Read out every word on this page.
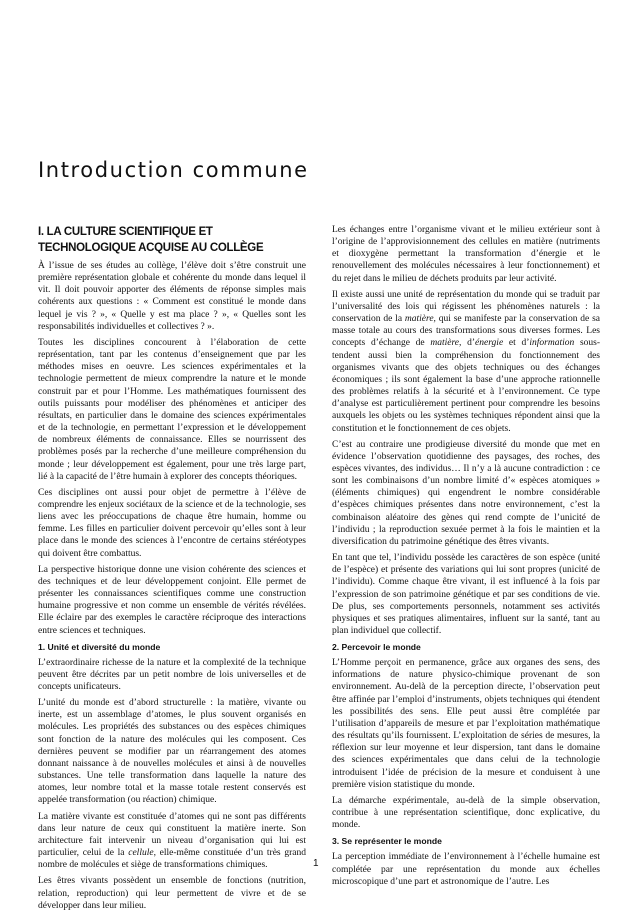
Introduction commune
I. LA CULTURE SCIENTIFIQUE ET TECHNOLOGIQUE ACQUISE AU COLLÈGE

À l’issue de ses études au collège, l’élève doit s’être construit une première représentation globale et cohérente du monde dans lequel il vit. Il doit pouvoir apporter des éléments de réponse simples mais cohérents aux questions : « Comment est constitué le monde dans lequel je vis ? », « Quelle y est ma place ? », « Quelles sont les responsabilités individuelles et collectives ? ».

Toutes les disciplines concourent à l’élaboration de cette représentation, tant par les contenus d’enseignement que par les méthodes mises en oeuvre. Les sciences expérimentales et la technologie permettent de mieux comprendre la nature et le monde construit par et pour l’Homme. Les mathématiques fournissent des outils puissants pour modéliser des phénomènes et anticiper des résultats, en particulier dans le domaine des sciences expérimentales et de la technologie, en permettant l’expression et le développement de nombreux éléments de connaissance. Elles se nourrissent des problèmes posés par la recherche d’une meilleure compréhension du monde ; leur développement est également, pour une très large part, lié à la capacité de l’être humain à explorer des concepts théoriques.

Ces disciplines ont aussi pour objet de permettre à l’élève de comprendre les enjeux sociétaux de la science et de la technologie, ses liens avec les préoccupations de chaque être humain, homme ou femme. Les filles en particulier doivent percevoir qu’elles sont à leur place dans le monde des sciences à l’encontre de certains stéréotypes qui doivent être combattus.

La perspective historique donne une vision cohérente des sciences et des techniques et de leur développement conjoint. Elle permet de présenter les connaissances scientifiques comme une construction humaine progressive et non comme un ensemble de vérités révélées. Elle éclaire par des exemples le caractère réciproque des interactions entre sciences et techniques.

1. Unité et diversité du monde

L’extraordinaire richesse de la nature et la complexité de la technique peuvent être décrites par un petit nombre de lois universelles et de concepts unificateurs.

L’unité du monde est d’abord structurelle : la matière, vivante ou inerte, est un assemblage d’atomes, le plus souvent organisés en molécules. Les propriétés des substances ou des espèces chimiques sont fonction de la nature des molécules qui les composent. Ces dernières peuvent se modifier par un réarrangement des atomes donnant naissance à de nouvelles molécules et ainsi à de nouvelles substances. Une telle transformation dans laquelle la nature des atomes, leur nombre total et la masse totale restent conservés est appelée transformation (ou réaction) chimique.

La matière vivante est constituée d’atomes qui ne sont pas différents dans leur nature de ceux qui constituent la matière inerte. Son architecture fait intervenir un niveau d’organisation qui lui est particulier, celui de la cellule, elle-même constituée d’un très grand nombre de molécules et siège de transformations chimiques.

Les êtres vivants possèdent un ensemble de fonctions (nutrition, relation, reproduction) qui leur permettent de vivre et de se développer dans leur milieu.

Les échanges entre l’organisme vivant et le milieu extérieur sont à l’origine de l’approvisionnement des cellules en matière (nutriments et dioxygène permettant la transformation d’énergie et le renouvellement des molécules nécessaires à leur fonctionnement) et du rejet dans le milieu de déchets produits par leur activité.

Il existe aussi une unité de représentation du monde qui se traduit par l’universalité des lois qui régissent les phénomènes naturels : la conservation de la matière, qui se manifeste par la conservation de sa masse totale au cours des transformations sous diverses formes. Les concepts d’échange de matière, d’énergie et d’information sous-tendent aussi bien la compréhension du fonctionnement des organismes vivants que des objets techniques ou des échanges économiques ; ils sont également la base d’une approche rationnelle des problèmes relatifs à la sécurité et à l’environnement. Ce type d’analyse est particulièrement pertinent pour comprendre les besoins auxquels les objets ou les systèmes techniques répondent ainsi que la constitution et le fonctionnement de ces objets.

C’est au contraire une prodigieuse diversité du monde que met en évidence l’observation quotidienne des paysages, des roches, des espèces vivantes, des individus… Il n’y a là aucune contradiction : ce sont les combinaisons d’un nombre limité d’« espèces atomiques » (éléments chimiques) qui engendrent le nombre considérable d’espèces chimiques présentes dans notre environnement, c’est la combinaison aléatoire des gènes qui rend compte de l’unicité de l’individu ; la reproduction sexuée permet à la fois le maintien et la diversification du patrimoine génétique des êtres vivants.

En tant que tel, l’individu possède les caractères de son espèce (unité de l’espèce) et présente des variations qui lui sont propres (unicité de l’individu). Comme chaque être vivant, il est influencé à la fois par l’expression de son patrimoine génétique et par ses conditions de vie. De plus, ses comportements personnels, notamment ses activités physiques et ses pratiques alimentaires, influent sur la santé, tant au plan individuel que collectif.

2. Percevoir le monde

L’Homme perçoit en permanence, grâce aux organes des sens, des informations de nature physico-chimique provenant de son environnement. Au-delà de la perception directe, l’observation peut être affinée par l’emploi d’instruments, objets techniques qui étendent les possibilités des sens. Elle peut aussi être complétée par l’utilisation d’appareils de mesure et par l’exploitation mathématique des résultats qu’ils fournissent. L’exploitation de séries de mesures, la réflexion sur leur moyenne et leur dispersion, tant dans le domaine des sciences expérimentales que dans celui de la technologie introduisent l’idée de précision de la mesure et conduisent à une première vision statistique du monde.

La démarche expérimentale, au-delà de la simple observation, contribue à une représentation scientifique, donc explicative, du monde.

3. Se représenter le monde

La perception immédiate de l’environnement à l’échelle humaine est complétée par une représentation du monde aux échelles microscopique d’une part et astronomique de l’autre. Les

1
